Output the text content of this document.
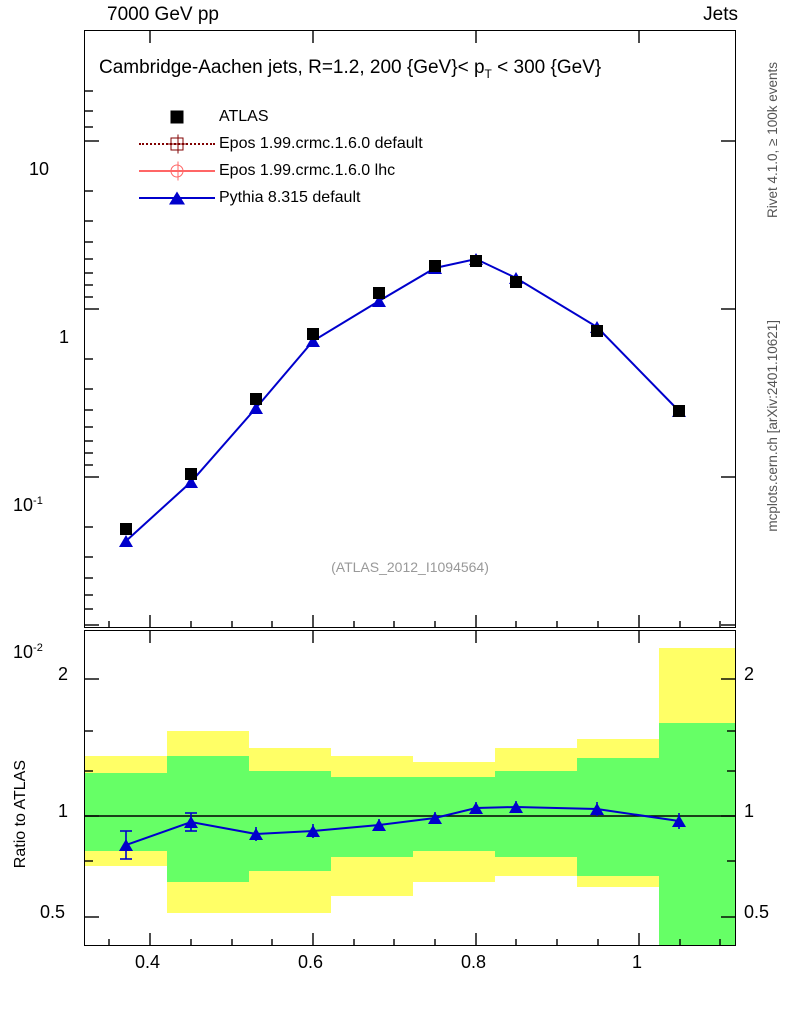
7000 GeV pp	Jets
Rivet 4.1.0, ≥ 100k events
mcplots.cern.ch [arXiv:2401.10621]
Cambridge-Aachen jets, R=1.2, 200 $\{GeV\}< p_T < 300$ {GeV}
ATLAS
Epos 1.99.crmc.1.6.0 default
Epos 1.99.crmc.1.6.0 lhc
Pythia 8.315 default
(ATLAS_2012_I1094564)
10
1
$10^{-1}$
$10^{-2}$
Ratio to ATLAS
2
1
0.5
2
1
0.5
0.4	0.6	0.8	1
